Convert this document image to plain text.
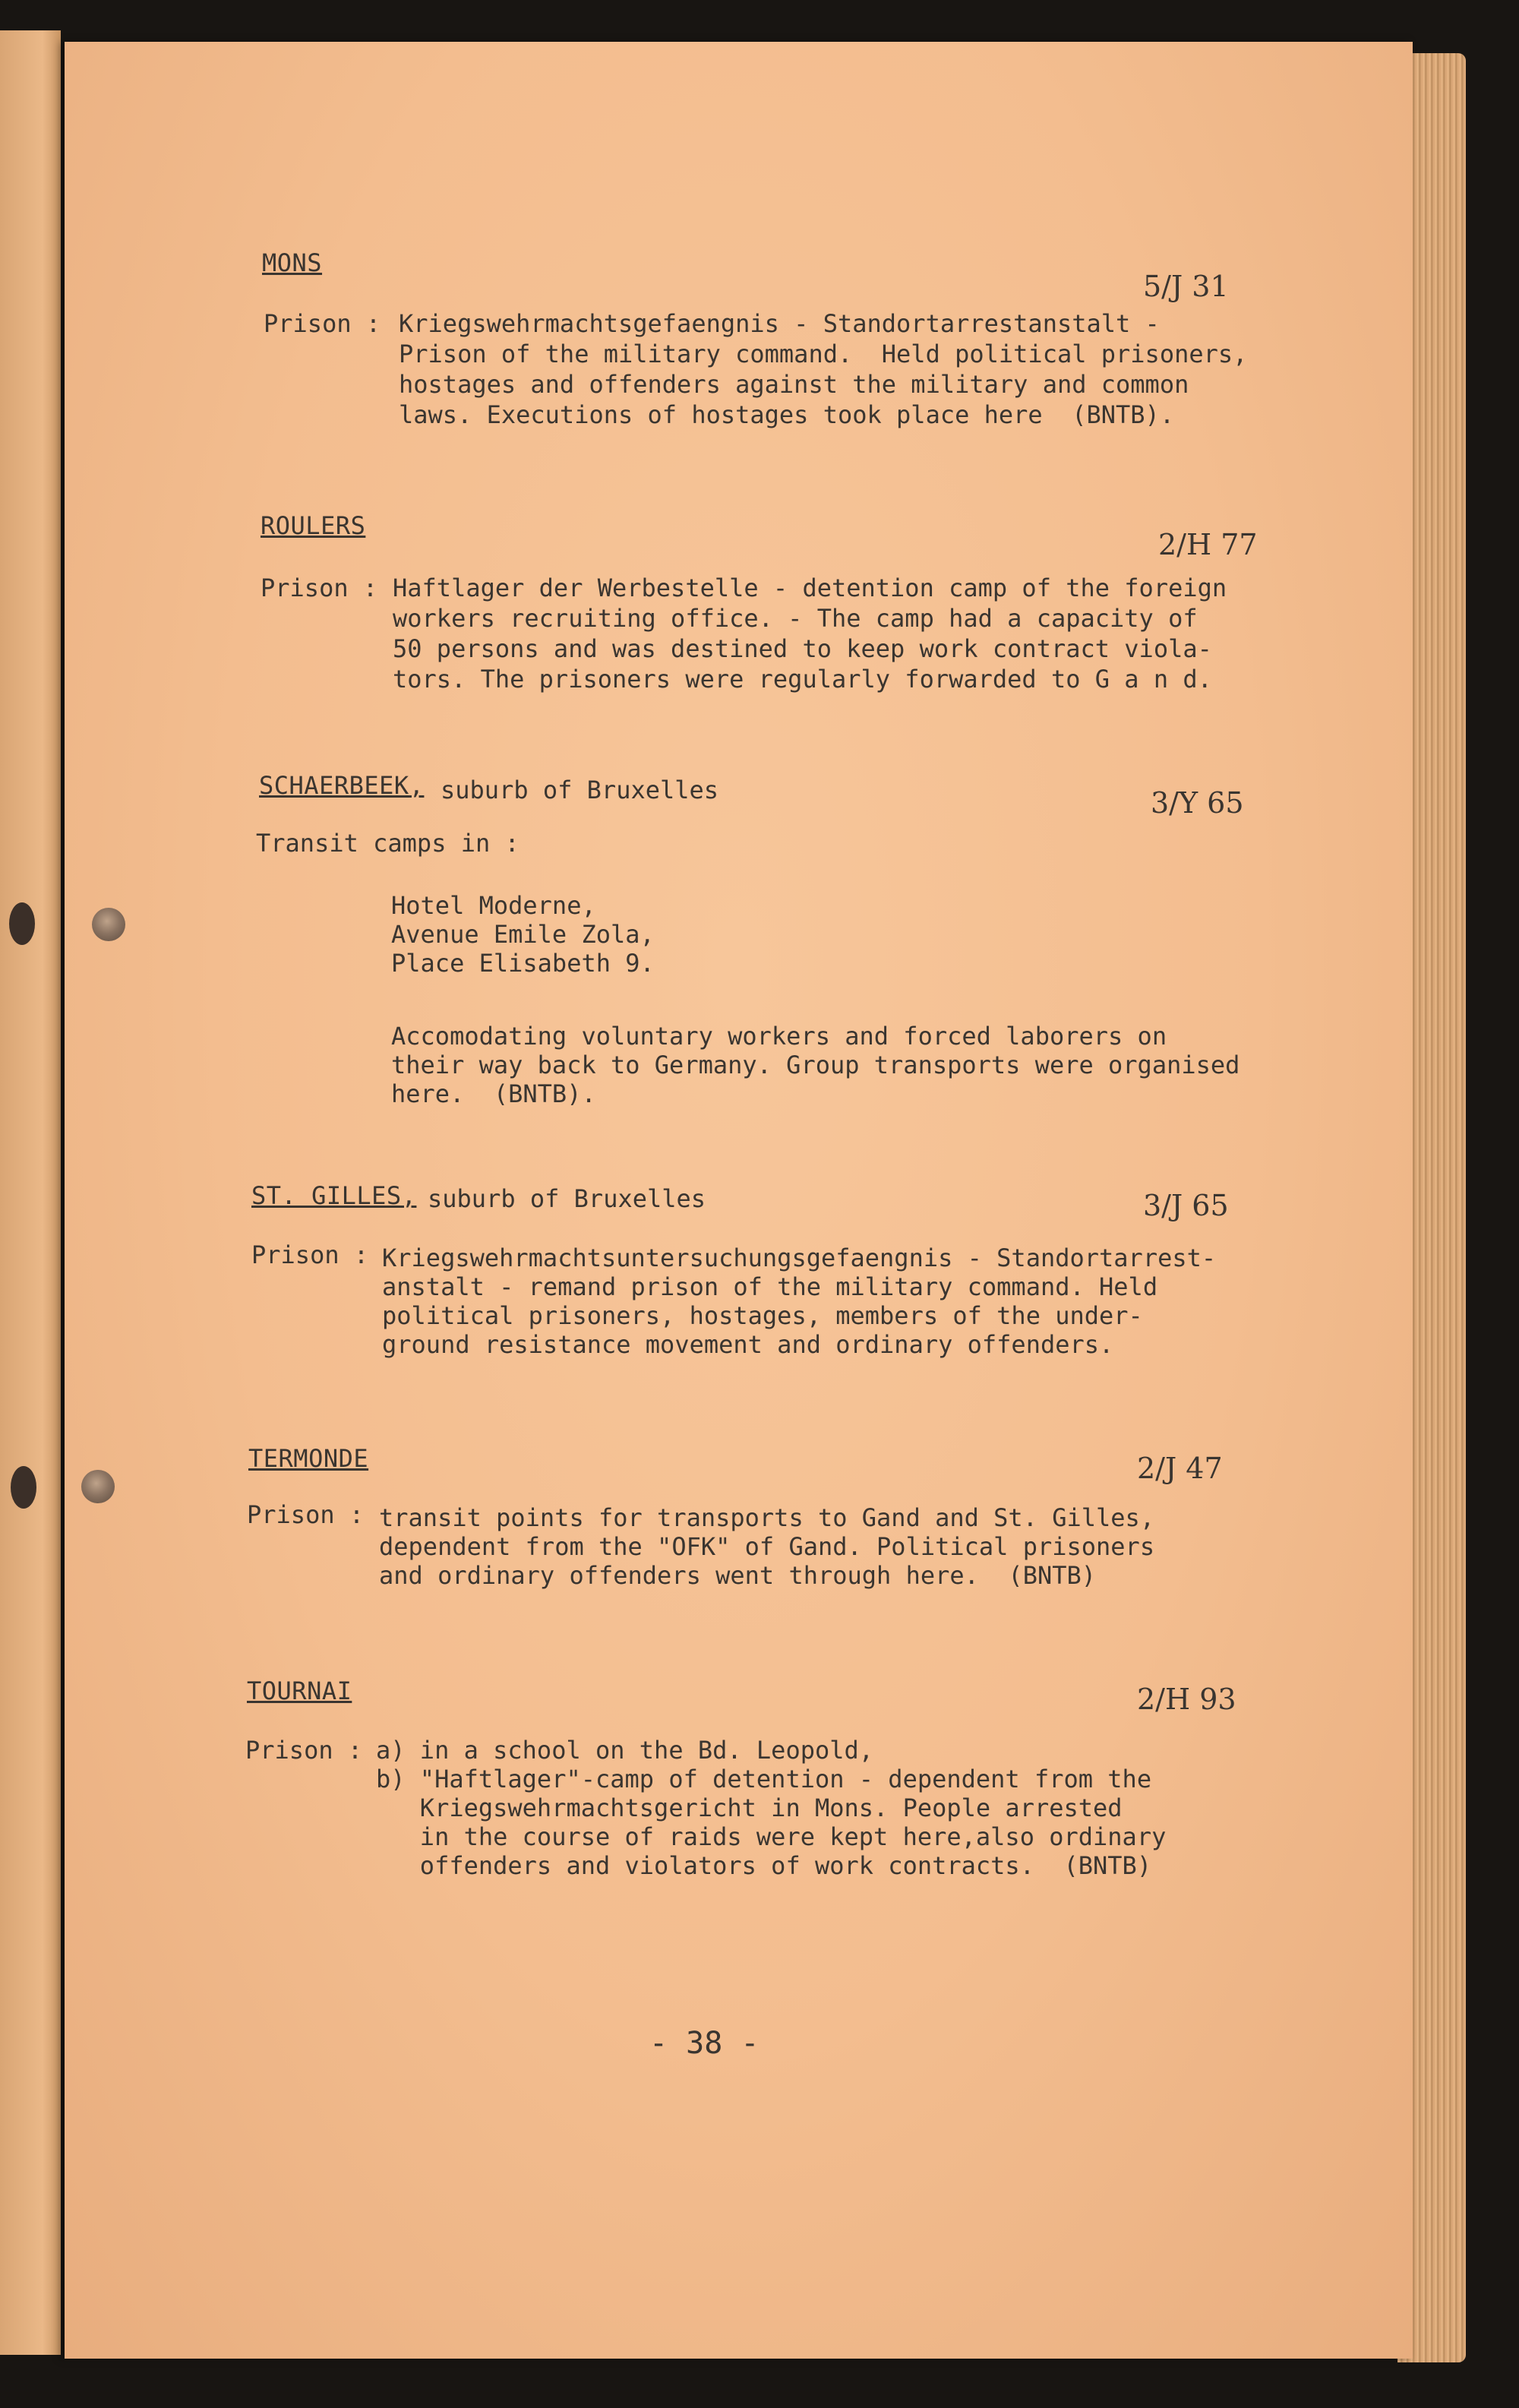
MONS
5/J 31
Prison : Kriegswehrmachtsgefaengnis - Standortarrestanstalt -
Prison of the military command.  Held political prisoners,
hostages and offenders against the military and common
laws. Executions of hostages took place here  (BNTB).
ROULERS
2/H 77
Prison : Haftlager der Werbestelle - detention camp of the foreign
workers recruiting office. - The camp had a capacity of
50 persons and was destined to keep work contract viola-
tors. The prisoners were regularly forwarded to G a n d.
SCHAERBEEK, suburb of Bruxelles	3/Y 65
Transit camps in :
Hotel Moderne,
Avenue Emile Zola,
Place Elisabeth 9.
Accomodating voluntary workers and forced laborers on
their way back to Germany. Group transports were organised
here.  (BNTB).
ST. GILLES, suburb of Bruxelles	3/J 65
Prison : Kriegswehrmachtsuntersuchungsgefaengnis - Standortarrest-
anstalt - remand prison of the military command. Held
political prisoners, hostages, members of the under-
ground resistance movement and ordinary offenders.
TERMONDE	2/J 47
Prison : transit points for transports to Gand and St. Gilles,
dependent from the "OFK" of Gand. Political prisoners
and ordinary offenders went through here.  (BNTB)
TOURNAI	2/H 93
Prison : a) in a school on the Bd. Leopold,
b) "Haftlager"-camp of detention - dependent from the
Kriegswehrmachtsgericht in Mons. People arrested
in the course of raids were kept here,also ordinary
offenders and violators of work contracts.  (BNTB)
- 38 -
